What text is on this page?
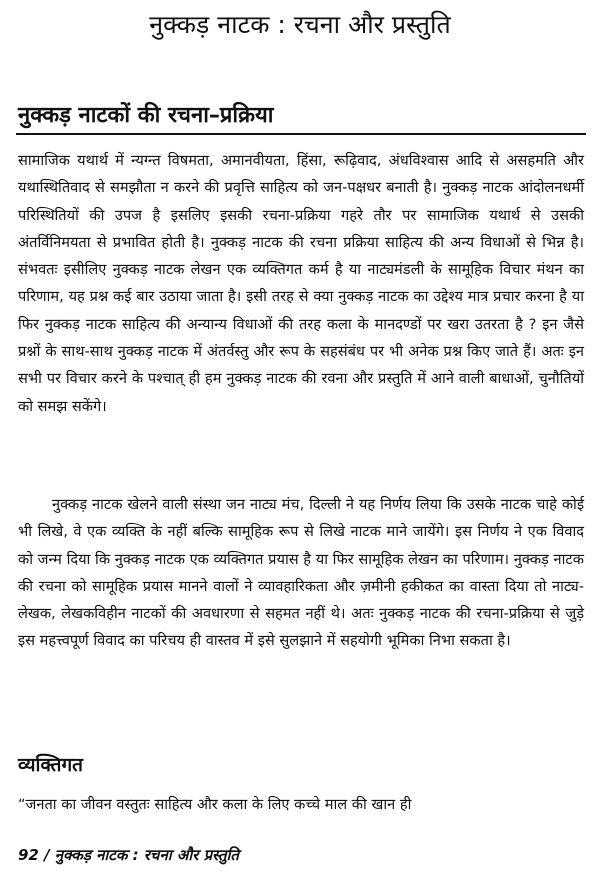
नुक्कड़ नाटक : रचना और प्रस्तुति
नुक्कड़ नाटकों की रचना–प्रक्रिया

सामाजिक यथार्थ में न्यग्न्त विषमता, अमानवीयता, हिंसा, रूढ़िवाद, अंधविश्वास आदि से असहमति और यथास्थितिवाद से समझौता न करने की प्रवृत्ति साहित्य को जन-पक्षधर बनाती है। नुक्कड़ नाटक आंदोलनधर्मी परिस्थितियों की उपज है इसलिए इसकी रचना-प्रक्रिया गहरे तौर पर सामाजिक यथार्थ से उसकी अंतर्विनिमयता से प्रभावित होती है। नुक्कड़ नाटक की रचना प्रक्रिया साहित्य की अन्य विधाओं से भिन्न है। संभवतः इसीलिए नुक्कड़ नाटक लेखन एक व्यक्तिगत कर्म है या नाट्यमंडली के सामूहिक विचार मंथन का परिणाम, यह प्रश्न कई बार उठाया जाता है। इसी तरह से क्या नुक्कड़ नाटक का उद्देश्य मात्र प्रचार करना है या फिर नुक्कड़ नाटक साहित्य की अन्यान्य विधाओं की तरह कला के मानदण्डों पर खरा उतरता है ? इन जैसे प्रश्नों के साथ-साथ नुक्कड़ नाटक में अंतर्वस्तु और रूप के सहसंबंध पर भी अनेक प्रश्न किए जाते हैं। अतः इन सभी पर विचार करने के पश्चात् ही हम नुक्कड़ नाटक की रवना और प्रस्तुति में आने वाली बाधाओं, चुनौतियों को समझ सकेंगे।

नुक्कड़ नाटक खेलने वाली संस्था जन नाट्य मंच, दिल्ली ने यह निर्णय लिया कि उसके नाटक चाहे कोई भी लिखे, वे एक व्यक्ति के नहीं बल्कि सामूहिक रूप से लिखे नाटक माने जायेंगे। इस निर्णय ने एक विवाद को जन्म दिया कि नुक्कड़ नाटक एक व्यक्तिगत प्रयास है या फिर सामूहिक लेखन का परिणाम। नुक्कड़ नाटक की रचना को सामूहिक प्रयास मानने वालों ने व्यावहारिकता और ज़मीनी हकीकत का वास्ता दिया तो नाट्य-लेखक, लेखकविहीन नाटकों की अवधारणा से सहमत नहीं थे। अतः नुक्कड़ नाटक की रचना-प्रक्रिया से जुड़े इस महत्त्वपूर्ण विवाद का परिचय ही वास्तव में इसे सुलझाने में सहयोगी भूमिका निभा सकता है।

व्यक्तिगत

“जनता का जीवन वस्तुतः साहित्य और कला के लिए कच्चे माल की खान ही

92 / नुक्कड़ नाटक : रचना और प्रस्तुति
